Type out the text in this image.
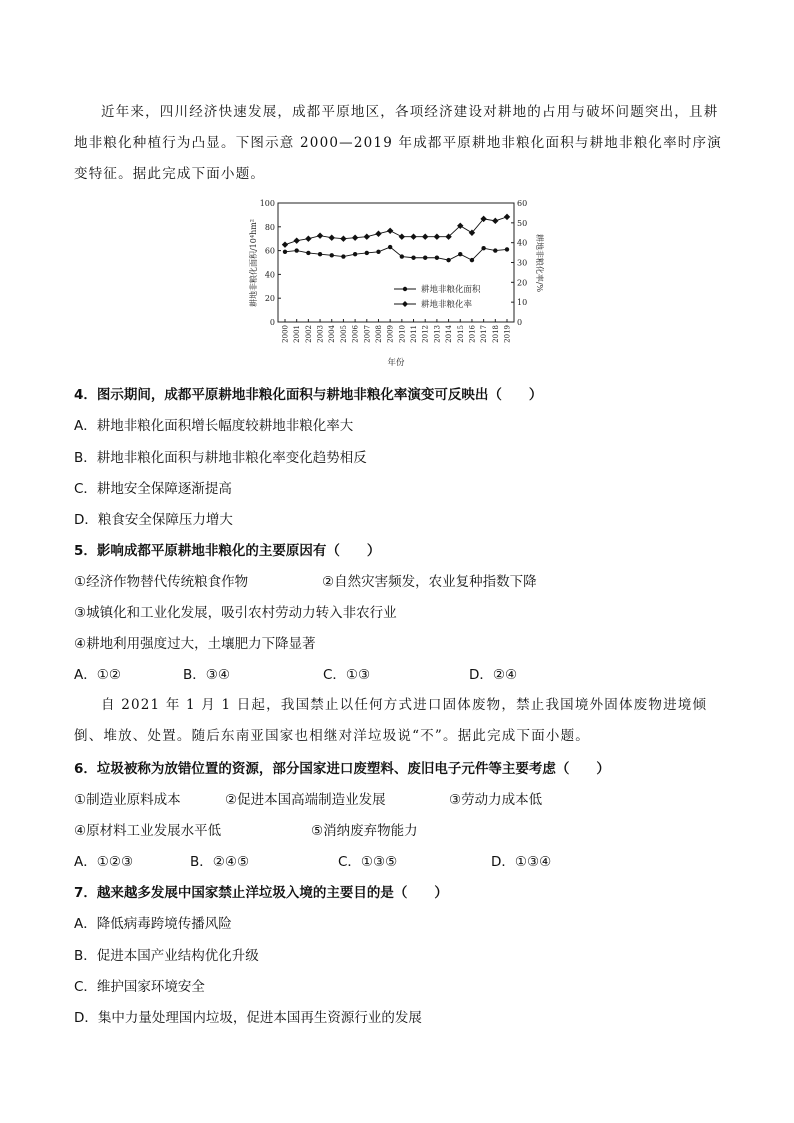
近年来，四川经济快速发展，成都平原地区，各项经济建设对耕地的占用与破坏问题突出，且耕地非粮化种植行为凸显。下图示意 2000—2019 年成都平原耕地非粮化面积与耕地非粮化率时序演变特征。据此完成下面小题。

0
20
40
60
80
100
0
10
20
30
40
50
60
2000 2001 2002 2003 2004 2005 2006 2007 2008 2009 2010 2011 2012 2013 2014 2015 2016 2017 2018 2019
耕地非粮化面积
耕地非粮化率
耕地非粮化面积/10⁴hm²	耕地非粮化率/%
年份

4．图示期间，成都平原耕地非粮化面积与耕地非粮化率演变可反映出（　　）

A．耕地非粮化面积增长幅度较耕地非粮化率大

B．耕地非粮化面积与耕地非粮化率变化趋势相反

C．耕地安全保障逐渐提高

D．粮食安全保障压力增大

5．影响成都平原耕地非粮化的主要原因有（　　）

①经济作物替代传统粮食作物	②自然灾害频发，农业复种指数下降

③城镇化和工业化发展，吸引农村劳动力转入非农行业

④耕地利用强度过大，土壤肥力下降显著

A．①②	B．③④	C．①③	D．②④

自 2021 年 1 月 1 日起，我国禁止以任何方式进口固体废物，禁止我国境外固体废物进境倾倒、堆放、处置。随后东南亚国家也相继对洋垃圾说“不”。据此完成下面小题。

6．垃圾被称为放错位置的资源，部分国家进口废塑料、废旧电子元件等主要考虑（　　）

①制造业原料成本	②促进本国高端制造业发展	③劳动力成本低
④原材料工业发展水平低	⑤消纳废弃物能力
A．①②③	B．②④⑤	C．①③⑤	D．①③④

7．越来越多发展中国家禁止洋垃圾入境的主要目的是（　　）

A．降低病毒跨境传播风险

B．促进本国产业结构优化升级

C．维护国家环境安全

D．集中力量处理国内垃圾，促进本国再生资源行业的发展
